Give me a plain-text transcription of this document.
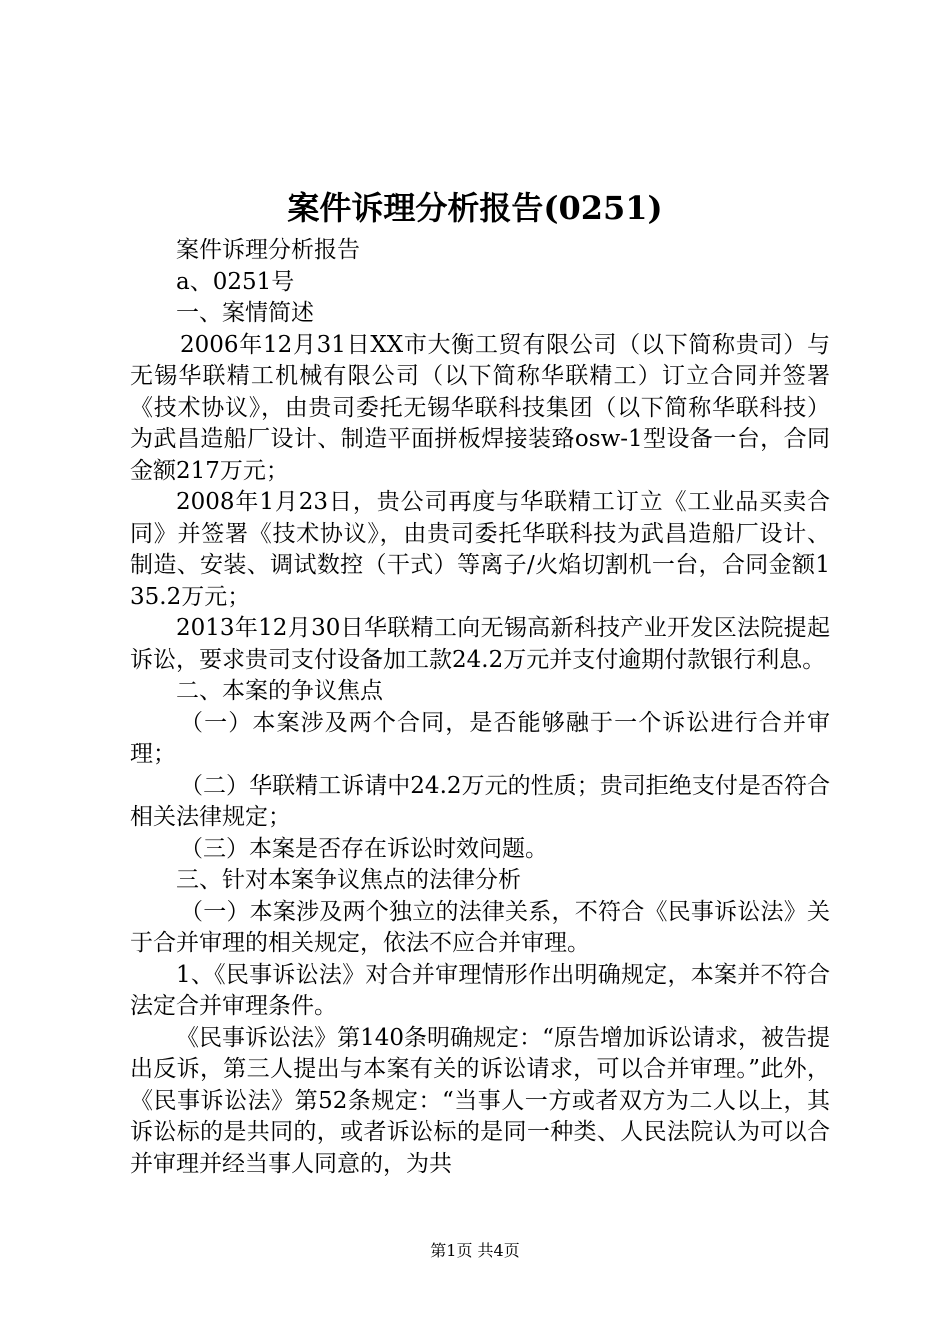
案件诉理分析报告(0251)

案件诉理分析报告

a、0251号

一、案情简述

2006年12月31日XX市大衡工贸有限公司（以下简称贵司）与无锡华联精工机械有限公司（以下简称华联精工）订立合同并签署《技术协议》，由贵司委托无锡华联科技集团（以下简称华联科技）为武昌造船厂设计、制造平面拼板焊接装臵osw-1型设备一台，合同金额217万元；

2008年1月23日，贵公司再度与华联精工订立《工业品买卖合同》并签署《技术协议》，由贵司委托华联科技为武昌造船厂设计、制造、安装、调试数控（干式）等离子/火焰切割机一台，合同金额135.2万元；

2013年12月30日华联精工向无锡高新科技产业开发区法院提起诉讼，要求贵司支付设备加工款24.2万元并支付逾期付款银行利息。

二、本案的争议焦点

（一）本案涉及两个合同，是否能够融于一个诉讼进行合并审理；

（二）华联精工诉请中24.2万元的性质；贵司拒绝支付是否符合相关法律规定；

（三）本案是否存在诉讼时效问题。

三、针对本案争议焦点的法律分析

（一）本案涉及两个独立的法律关系，不符合《民事诉讼法》关于合并审理的相关规定，依法不应合并审理。

1、《民事诉讼法》对合并审理情形作出明确规定，本案并不符合法定合并审理条件。

《民事诉讼法》第140条明确规定：“原告增加诉讼请求，被告提出反诉，第三人提出与本案有关的诉讼请求，可以合并审理。”此外，《民事诉讼法》第52条规定：“当事人一方或者双方为二人以上，其诉讼标的是共同的，或者诉讼标的是同一种类、人民法院认为可以合并审理并经当事人同意的，为共

第1页 共4页
